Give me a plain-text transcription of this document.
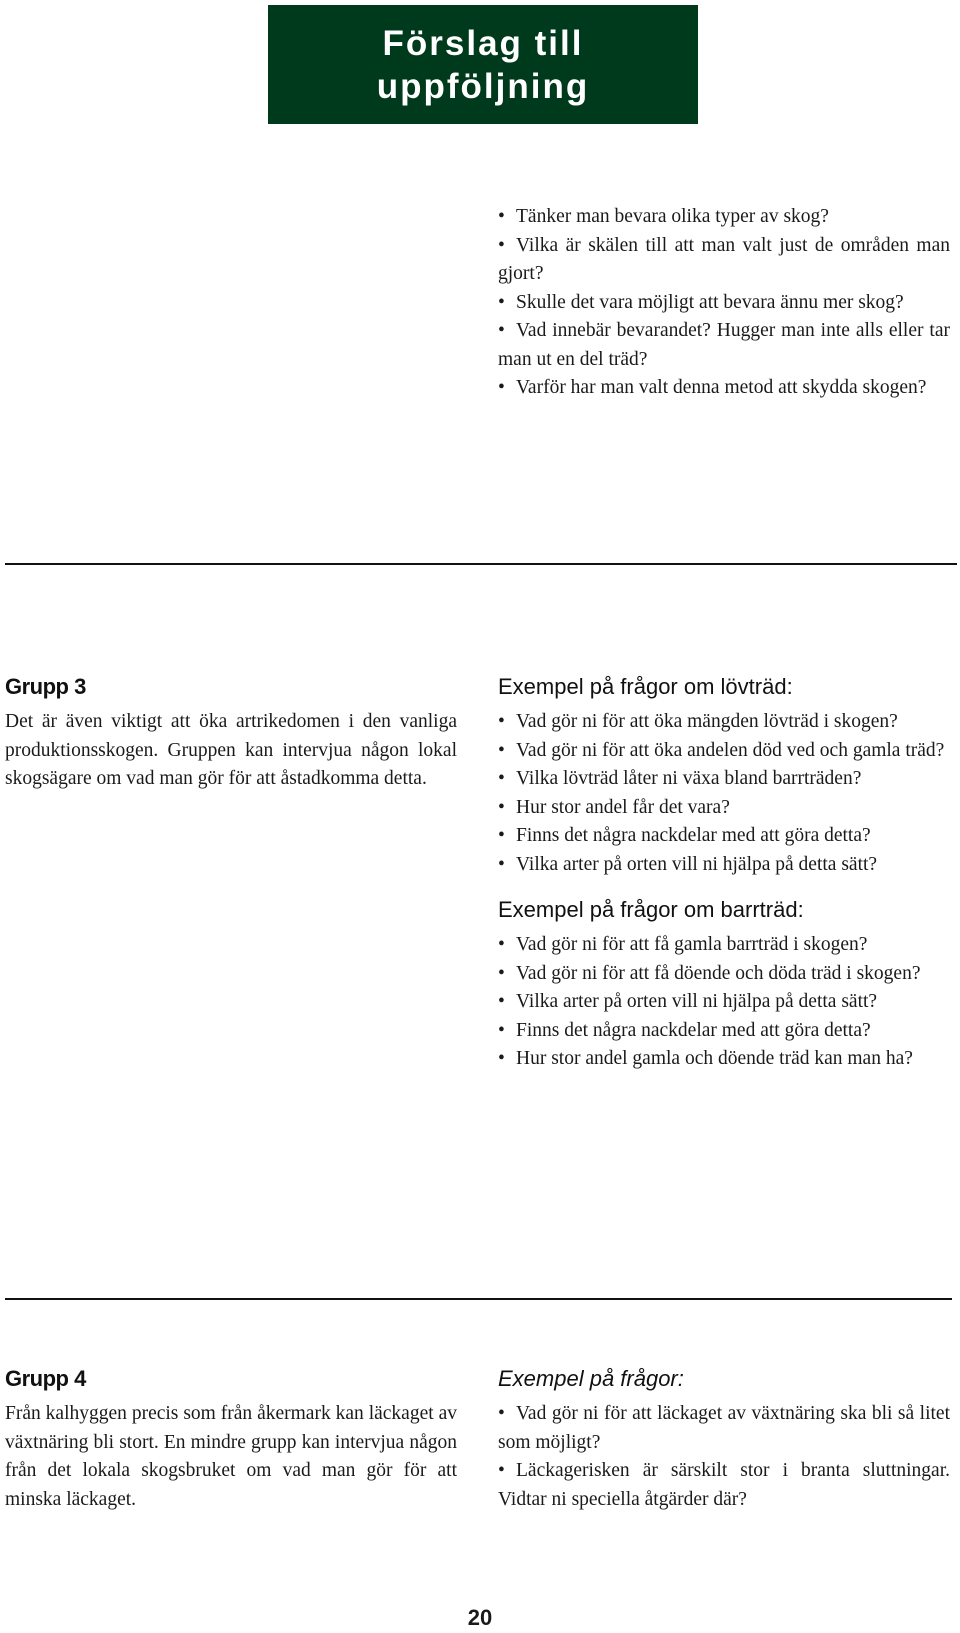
Förslag till
uppföljning
• Tänker man bevara olika typer av skog?
• Vilka är skälen till att man valt just de områden man gjort?
• Skulle det vara möjligt att bevara ännu mer skog?
• Vad innebär bevarandet? Hugger man inte alls eller tar man ut en del träd?
• Varför har man valt denna metod att skydda skogen?
Grupp 3

Det är även viktigt att öka artrikedomen i den vanliga produktionsskogen. Gruppen kan intervjua någon lokal skogsägare om vad man gör för att åstadkomma detta.

Exempel på frågor om lövträd:
• Vad gör ni för att öka mängden lövträd i skogen?
• Vad gör ni för att öka andelen död ved och gamla träd?
• Vilka lövträd låter ni växa bland barrträden?
• Hur stor andel får det vara?
• Finns det några nackdelar med att göra detta?
• Vilka arter på orten vill ni hjälpa på detta sätt?
Exempel på frågor om barrträd:
• Vad gör ni för att få gamla barrträd i skogen?
• Vad gör ni för att få döende och döda träd i skogen?
• Vilka arter på orten vill ni hjälpa på detta sätt?
• Finns det några nackdelar med att göra detta?
• Hur stor andel gamla och döende träd kan man ha?
Grupp 4

Från kalhyggen precis som från åkermark kan läckaget av växtnäring bli stort. En mindre grupp kan intervjua någon från det lokala skogsbruket om vad man gör för att minska läckaget.

Exempel på frågor:
• Vad gör ni för att läckaget av växtnäring ska bli så litet som möjligt?
• Läckagerisken är särskilt stor i branta sluttningar. Vidtar ni speciella åtgärder där?
20
